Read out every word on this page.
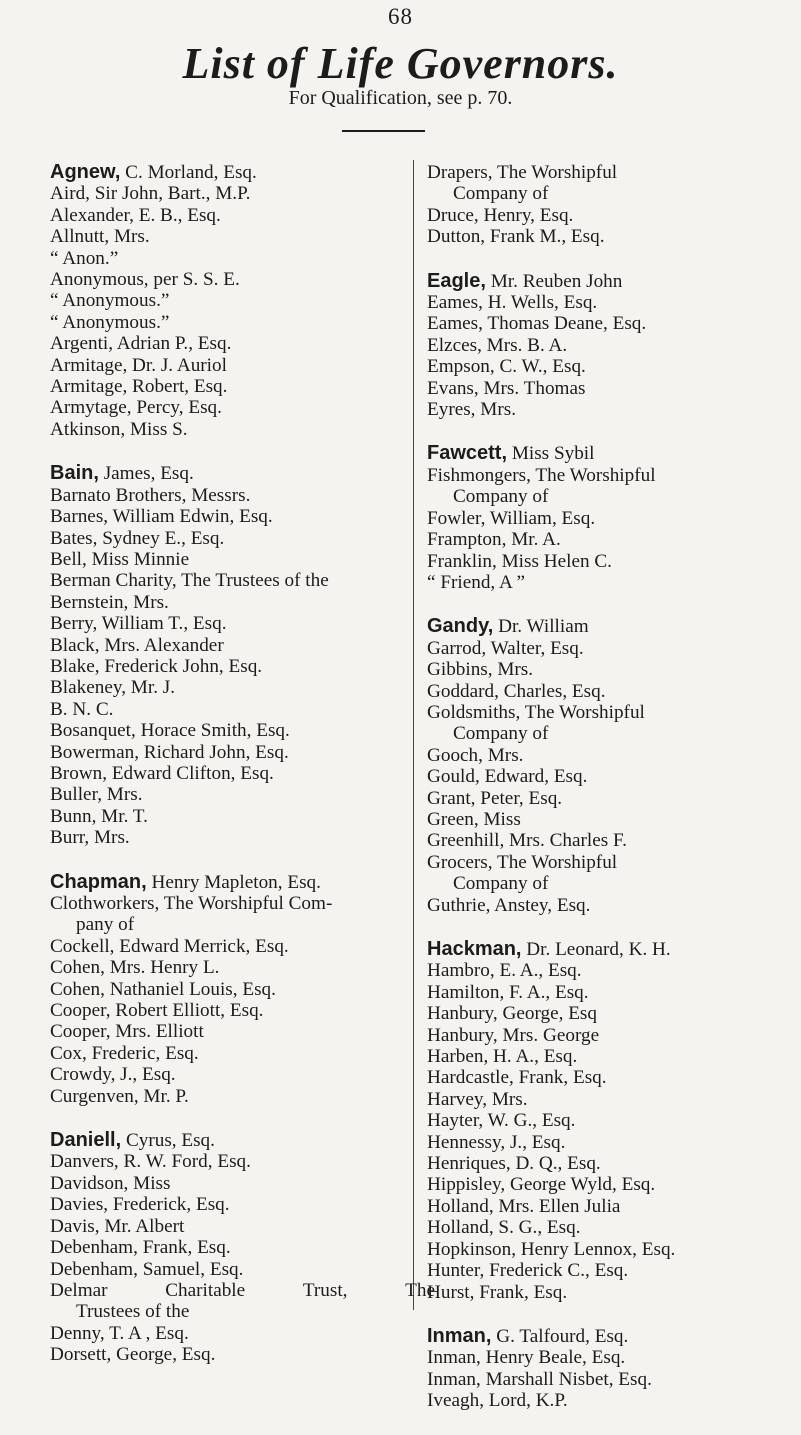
68
List of Life Governors.
For Qualification, see p. 70.
Agnew, C. Morland, Esq.
Aird, Sir John, Bart., M.P.
Alexander, E. B., Esq.
Allnutt, Mrs.
“ Anon.”
Anonymous, per S. S. E.
“ Anonymous.”
“ Anonymous.”
Argenti, Adrian P., Esq.
Armitage, Dr. J. Auriol
Armitage, Robert, Esq.
Armytage, Percy, Esq.
Atkinson, Miss S.
Bain, James, Esq.
Barnato Brothers, Messrs.
Barnes, William Edwin, Esq.
Bates, Sydney E., Esq.
Bell, Miss Minnie
Berman Charity, The Trustees of the
Bernstein, Mrs.
Berry, William T., Esq.
Black, Mrs. Alexander
Blake, Frederick John, Esq.
Blakeney, Mr. J.
B. N. C.
Bosanquet, Horace Smith, Esq.
Bowerman, Richard John, Esq.
Brown, Edward Clifton, Esq.
Buller, Mrs.
Bunn, Mr. T.
Burr, Mrs.
Chapman, Henry Mapleton, Esq.
Clothworkers, The Worshipful Com-
pany of
Cockell, Edward Merrick, Esq.
Cohen, Mrs. Henry L.
Cohen, Nathaniel Louis, Esq.
Cooper, Robert Elliott, Esq.
Cooper, Mrs. Elliott
Cox, Frederic, Esq.
Crowdy, J., Esq.
Curgenven, Mr. P.
Daniell, Cyrus, Esq.
Danvers, R. W. Ford, Esq.
Davidson, Miss
Davies, Frederick, Esq.
Davis, Mr. Albert
Debenham, Frank, Esq.
Debenham, Samuel, Esq.
Delmar	Charitable	Trust,	The
Trustees of the
Denny, T. A , Esq.
Dorsett, George, Esq.
Drapers, The Worshipful
Company of
Druce, Henry, Esq.
Dutton, Frank M., Esq.
Eagle, Mr. Reuben John
Eames, H. Wells, Esq.
Eames, Thomas Deane, Esq.
Elzces, Mrs. B. A.
Empson, C. W., Esq.
Evans, Mrs. Thomas
Eyres, Mrs.
Fawcett, Miss Sybil
Fishmongers, The Worshipful
Company of
Fowler, William, Esq.
Frampton, Mr. A.
Franklin, Miss Helen C.
“ Friend, A ”
Gandy, Dr. William
Garrod, Walter, Esq.
Gibbins, Mrs.
Goddard, Charles, Esq.
Goldsmiths, The Worshipful
Company of
Gooch, Mrs.
Gould, Edward, Esq.
Grant, Peter, Esq.
Green, Miss
Greenhill, Mrs. Charles F.
Grocers, The Worshipful
Company of
Guthrie, Anstey, Esq.
Hackman, Dr. Leonard, K. H.
Hambro, E. A., Esq.
Hamilton, F. A., Esq.
Hanbury, George, Esq
Hanbury, Mrs. George
Harben, H. A., Esq.
Hardcastle, Frank, Esq.
Harvey, Mrs.
Hayter, W. G., Esq.
Hennessy, J., Esq.
Henriques, D. Q., Esq.
Hippisley, George Wyld, Esq.
Holland, Mrs. Ellen Julia
Holland, S. G., Esq.
Hopkinson, Henry Lennox, Esq.
Hunter, Frederick C., Esq.
Hurst, Frank, Esq.
Inman, G. Talfourd, Esq.
Inman, Henry Beale, Esq.
Inman, Marshall Nisbet, Esq.
Iveagh, Lord, K.P.
